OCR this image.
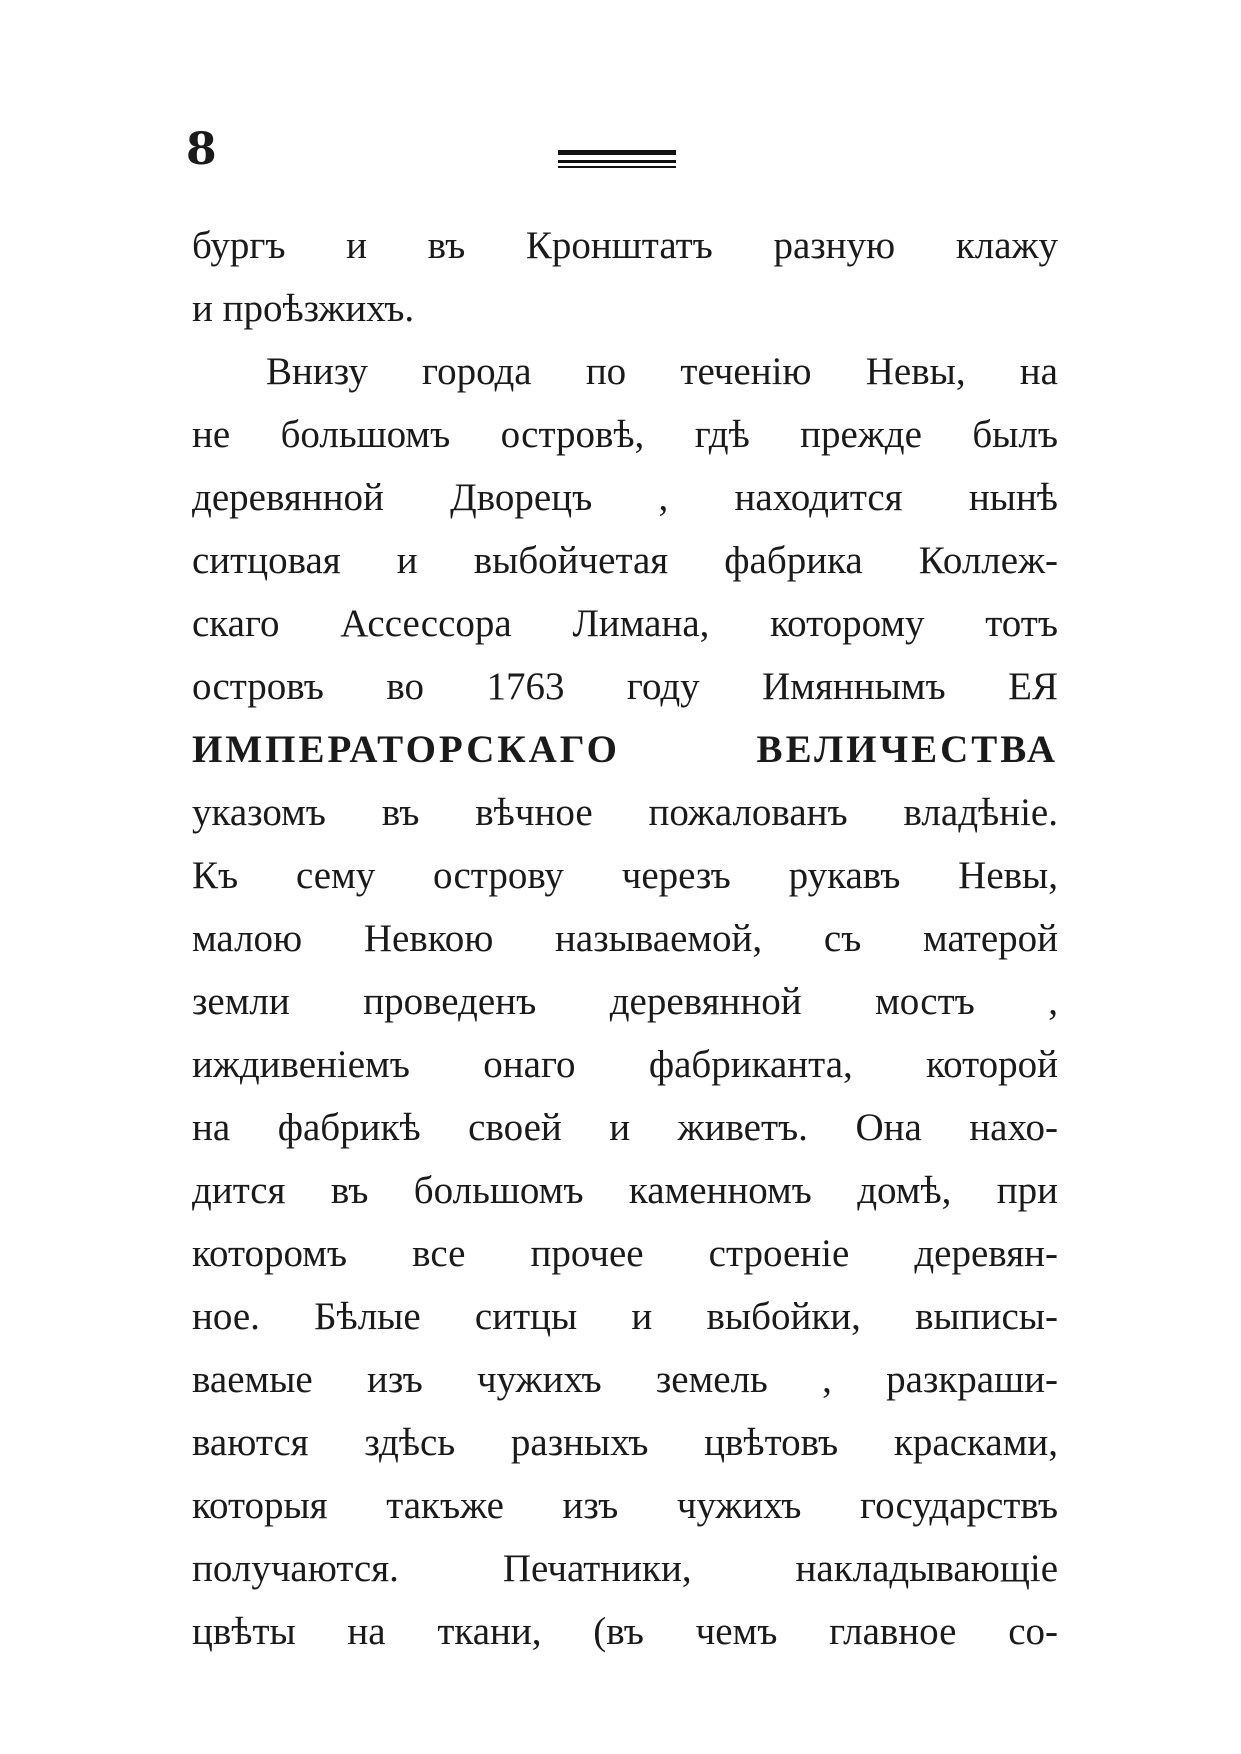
8
бургъ и въ Кронштатъ разную клажу
и проѣзжихъ.
Внизу города по теченію Невы, на
не большомъ островѣ, гдѣ прежде былъ
деревянной Дворецъ , находится нынѣ
ситцовая и выбойчетая фабрика Коллеж-
скаго Ассессора Лимана, которому тотъ
островъ во 1763 году Имяннымъ ЕЯ
ИМПЕРАТОРСКАГО ВЕЛИЧЕСТВА
указомъ въ вѣчное пожалованъ владѣніе.
Къ сему острову черезъ рукавъ Невы,
малою Невкою называемой, съ матерой
земли проведенъ деревянной мостъ ,
иждивеніемъ онаго фабриканта, которой
на фабрикѣ своей и живетъ. Она нахо-
дится въ большомъ каменномъ домѣ, при
которомъ все прочее строеніе деревян-
ное. Бѣлые ситцы и выбойки, выписы-
ваемые изъ чужихъ земель , разкраши-
ваются здѣсь разныхъ цвѣтовъ красками,
которыя такъже изъ чужихъ государствъ
получаются. Печатники, накладывающіе
цвѣты на ткани, (въ чемъ главное со-
